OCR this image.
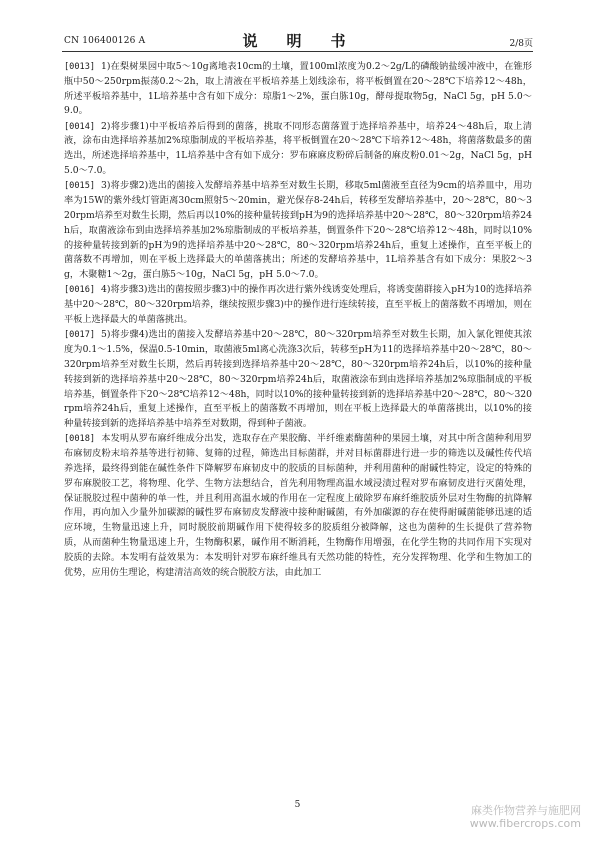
CN 106400126 A	说　明　书	2/8页

[0013] 1)在梨树果园中取5～10g离地表10cm的土壤，置100ml浓度为0.2～2g/L的磷酸钠盐缓冲液中，在锥形瓶中50～250rpm振荡0.2～2h，取上清液在平板培养基上划线涂布，将平板倒置在20～28℃下培养12～48h，所述平板培养基中，1L培养基中含有如下成分：琼脂1～2%，蛋白胨10g，酵母提取物5g，NaCl 5g，pH 5.0～9.0。

[0014] 2)将步骤1)中平板培养后得到的菌落，挑取不同形态菌落置于选择培养基中，培养24～48h后，取上清液，涂布由选择培养基加2%琼脂制成的平板培养基，将平板倒置在20～28℃下培养12～48h，将菌落数最多的菌选出，所述选择培养基中，1L培养基中含有如下成分：罗布麻麻皮粉碎后制备的麻皮粉0.01～2g，NaCl 5g，pH 5.0～7.0。

[0015] 3)将步骤2)选出的菌接入发酵培养基中培养至对数生长期，移取5ml菌液至直径为9cm的培养皿中，用功率为15W的紫外线灯管距离30cm照射5～20min，避光保存8-24h后，转移至发酵培养基中，20～28℃，80～320rpm培养至对数生长期，然后再以10%的接种量转接到pH为9的选择培养基中20～28℃，80～320rpm培养24h后，取菌液涂布到由选择培养基加2%琼脂制成的平板培养基，倒置条件下20～28℃培养12～48h，同时以10%的接种量转接到新的pH为9的选择培养基中20～28℃，80～320rpm培养24h后，重复上述操作，直至平板上的菌落数不再增加，则在平板上选择最大的单菌落挑出；所述的发酵培养基中，1L培养基含有如下成分：果胶2～3g，木聚糖1～2g，蛋白胨5～10g，NaCl 5g，pH 5.0～7.0。

[0016] 4)将步骤3)选出的菌按照步骤3)中的操作再次进行紫外线诱变处理后，将诱变菌群接入pH为10的选择培养基中20～28℃，80～320rpm培养，继续按照步骤3)中的操作进行连续转接，直至平板上的菌落数不再增加，则在平板上选择最大的单菌落挑出。

[0017] 5)将步骤4)选出的菌接入发酵培养基中20～28℃，80～320rpm培养至对数生长期，加入氯化锂使其浓度为0.1～1.5%，保温0.5-10min，取菌液5ml离心洗涤3次后，转移至pH为11的选择培养基中20～28℃，80～320rpm培养至对数生长期，然后再转接到选择培养基中20～28℃，80～320rpm培养24h后，以10%的接种量转接到新的选择培养基中20～28℃，80～320rpm培养24h后，取菌液涂布到由选择培养基加2%琼脂制成的平板培养基，倒置条件下20～28℃培养12～48h，同时以10%的接种量转接到新的选择培养基中20～28℃，80～320rpm培养24h后，重复上述操作，直至平板上的菌落数不再增加，则在平板上选择最大的单菌落挑出，以10%的接种量转接到新的选择培养基中培养至对数期，得到种子菌液。

[0018] 本发明从罗布麻纤维成分出发，选取存在产果胶酶、半纤维素酶菌种的果园土壤，对其中所含菌种利用罗布麻韧皮粉末培养基等进行初筛、复筛的过程，筛选出目标菌群，并对目标菌群进行进一步的筛选以及碱性传代培养选择，最终得到能在碱性条件下降解罗布麻韧皮中的胶质的目标菌种，并利用菌种的耐碱性特定，设定的特殊的罗布麻脱胶工艺，将物理、化学、生物方法想结合，首先利用物理高温水域浸渍过程对罗布麻韧皮进行灭菌处理，保证脱胶过程中菌种的单一性，并且利用高温水域的作用在一定程度上破除罗布麻纤维胶质外层对生物酶的抗降解作用，再向加入少量外加碳源的碱性罗布麻韧皮发酵液中接种耐碱菌，有外加碳源的存在使得耐碱菌能够迅速的适应环境，生物量迅速上升，同时脱胶前期碱作用下使得较多的胶质组分被降解，这也为菌种的生长提供了营养物质，从而菌种生物量迅速上升，生物酶积累，碱作用不断消耗，生物酶作用增强，在化学生物的共同作用下实现对胶质的去除。本发明有益效果为：本发明针对罗布麻纤维具有天然功能的特性，充分发挥物理、化学和生物加工的优势，应用仿生理论，构建清洁高效的统合脱胶方法，由此加工

5	麻类作物营养与施肥网
www.fibercrops.com
